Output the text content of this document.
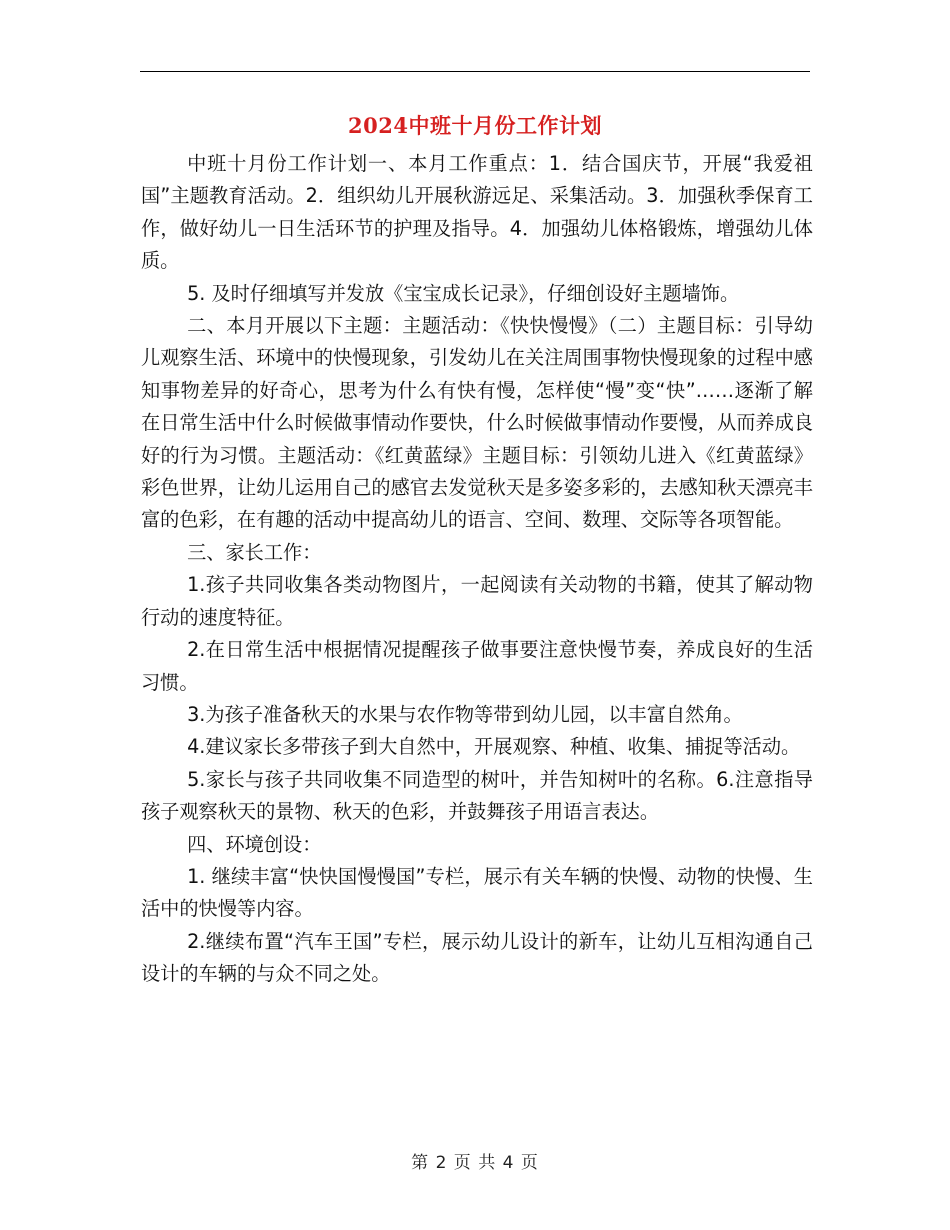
2024中班十月份工作计划

中班十月份工作计划一、本月工作重点：1．结合国庆节，开展“我爱祖国”主题教育活动。2．组织幼儿开展秋游远足、采集活动。3．加强秋季保育工作，做好幼儿一日生活环节的护理及指导。4．加强幼儿体格锻炼，增强幼儿体质。

5. 及时仔细填写并发放《宝宝成长记录》，仔细创设好主题墙饰。

二、本月开展以下主题：主题活动：《快快慢慢》（二）主题目标：引导幼儿观察生活、环境中的快慢现象，引发幼儿在关注周围事物快慢现象的过程中感知事物差异的好奇心，思考为什么有快有慢，怎样使“慢”变“快”……逐渐了解在日常生活中什么时候做事情动作要快，什么时候做事情动作要慢，从而养成良好的行为习惯。主题活动：《红黄蓝绿》主题目标：引领幼儿进入《红黄蓝绿》彩色世界，让幼儿运用自己的感官去发觉秋天是多姿多彩的，去感知秋天漂亮丰富的色彩，在有趣的活动中提高幼儿的语言、空间、数理、交际等各项智能。

三、家长工作：

1.孩子共同收集各类动物图片，一起阅读有关动物的书籍，使其了解动物行动的速度特征。

2.在日常生活中根据情况提醒孩子做事要注意快慢节奏，养成良好的生活习惯。

3.为孩子准备秋天的水果与农作物等带到幼儿园，以丰富自然角。

4.建议家长多带孩子到大自然中，开展观察、种植、收集、捕捉等活动。

5.家长与孩子共同收集不同造型的树叶，并告知树叶的名称。6.注意指导孩子观察秋天的景物、秋天的色彩，并鼓舞孩子用语言表达。

四、环境创设：

1. 继续丰富“快快国慢慢国”专栏，展示有关车辆的快慢、动物的快慢、生活中的快慢等内容。

2.继续布置“汽车王国”专栏，展示幼儿设计的新车，让幼儿互相沟通自己设计的车辆的与众不同之处。

第 2 页 共 4 页
